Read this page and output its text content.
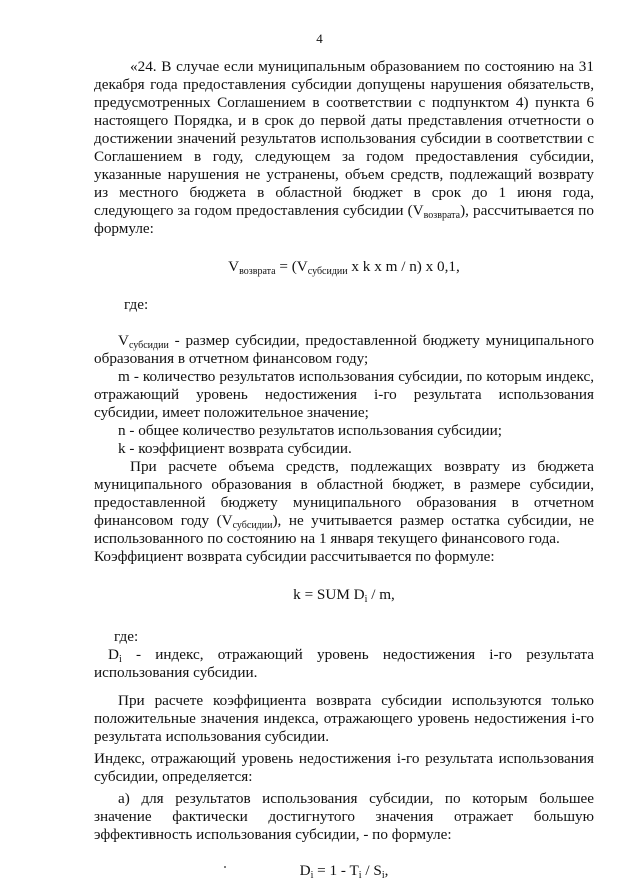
4

«24. В случае если муниципальным образованием по состоянию на 31 декабря года предоставления субсидии допущены нарушения обязательств, предусмотренных Соглашением в соответствии с подпунктом 4) пункта 6 настоящего Порядка, и в срок до первой даты представления отчетности о достижении значений результатов использования субсидии в соответствии с Соглашением в году, следующем за годом предоставления субсидии, указанные нарушения не устранены, объем средств, подлежащий возврату из местного бюджета в областной бюджет в срок до 1 июня года, следующего за годом предоставления субсидии $(V_{возврата})$, рассчитывается по формуле:

$V_{возврата} = (V_{субсидии}$ x k x m / n) x 0,1,

где:

$V_{субсидии}$ - размер субсидии, предоставленной бюджету муниципального образования в отчетном финансовом году;

m - количество результатов использования субсидии, по которым индекс, отражающий уровень недостижения i-го результата использования субсидии, имеет положительное значение;

n - общее количество результатов использования субсидии;

k - коэффициент возврата субсидии.

При расчете объема средств, подлежащих возврату из бюджета муниципального образования в областной бюджет, в размере субсидии, предоставленной бюджету муниципального образования в отчетном финансовом году $(V_{субсидии})$, не учитывается размер остатка субсидии, не использованного по состоянию на 1 января текущего финансового года.

Коэффициент возврата субсидии рассчитывается по формуле:

k = SUM $D_i$ / m,

где:

$D_i$ - индекс, отражающий уровень недостижения i-го результата использования субсидии.

При расчете коэффициента возврата субсидии используются только положительные значения индекса, отражающего уровень недостижения i-го результата использования субсидии.

Индекс, отражающий уровень недостижения i-го результата использования субсидии, определяется:

а) для результатов использования субсидии, по которым большее значение фактически достигнутого значения отражает большую эффективность использования субсидии, - по формуле:

$D_i = 1 - T_i / S_i$,
